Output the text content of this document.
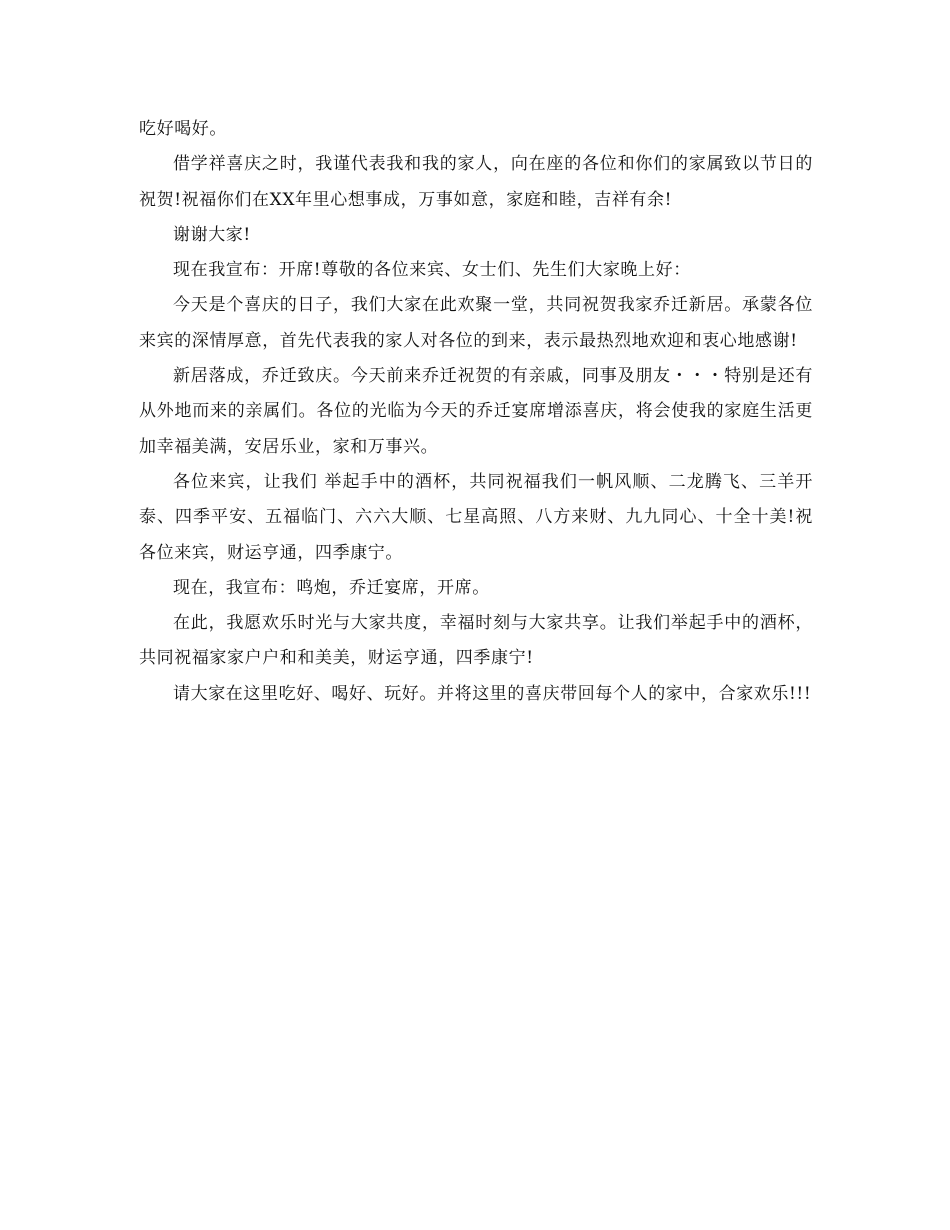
吃好喝好。

借学祥喜庆之时，我谨代表我和我的家人，向在座的各位和你们的家属致以节日的祝贺!祝福你们在XX年里心想事成，万事如意，家庭和睦，吉祥有余!

谢谢大家!

现在我宣布：开席!尊敬的各位来宾、女士们、先生们大家晚上好：

今天是个喜庆的日子，我们大家在此欢聚一堂，共同祝贺我家乔迁新居。承蒙各位来宾的深情厚意，首先代表我的家人对各位的到来，表示最热烈地欢迎和衷心地感谢!

新居落成，乔迁致庆。今天前来乔迁祝贺的有亲戚，同事及朋友・・・特别是还有从外地而来的亲属们。各位的光临为今天的乔迁宴席增添喜庆，将会使我的家庭生活更加幸福美满，安居乐业，家和万事兴。

各位来宾，让我们 举起手中的酒杯，共同祝福我们一帆风顺、二龙腾飞、三羊开泰、四季平安、五福临门、六六大顺、七星高照、八方来财、九九同心、十全十美!祝各位来宾，财运亨通，四季康宁。

现在，我宣布：鸣炮，乔迁宴席，开席。

在此，我愿欢乐时光与大家共度，幸福时刻与大家共享。让我们举起手中的酒杯，共同祝福家家户户和和美美，财运亨通，四季康宁!

请大家在这里吃好、喝好、玩好。并将这里的喜庆带回每个人的家中，合家欢乐!!!
